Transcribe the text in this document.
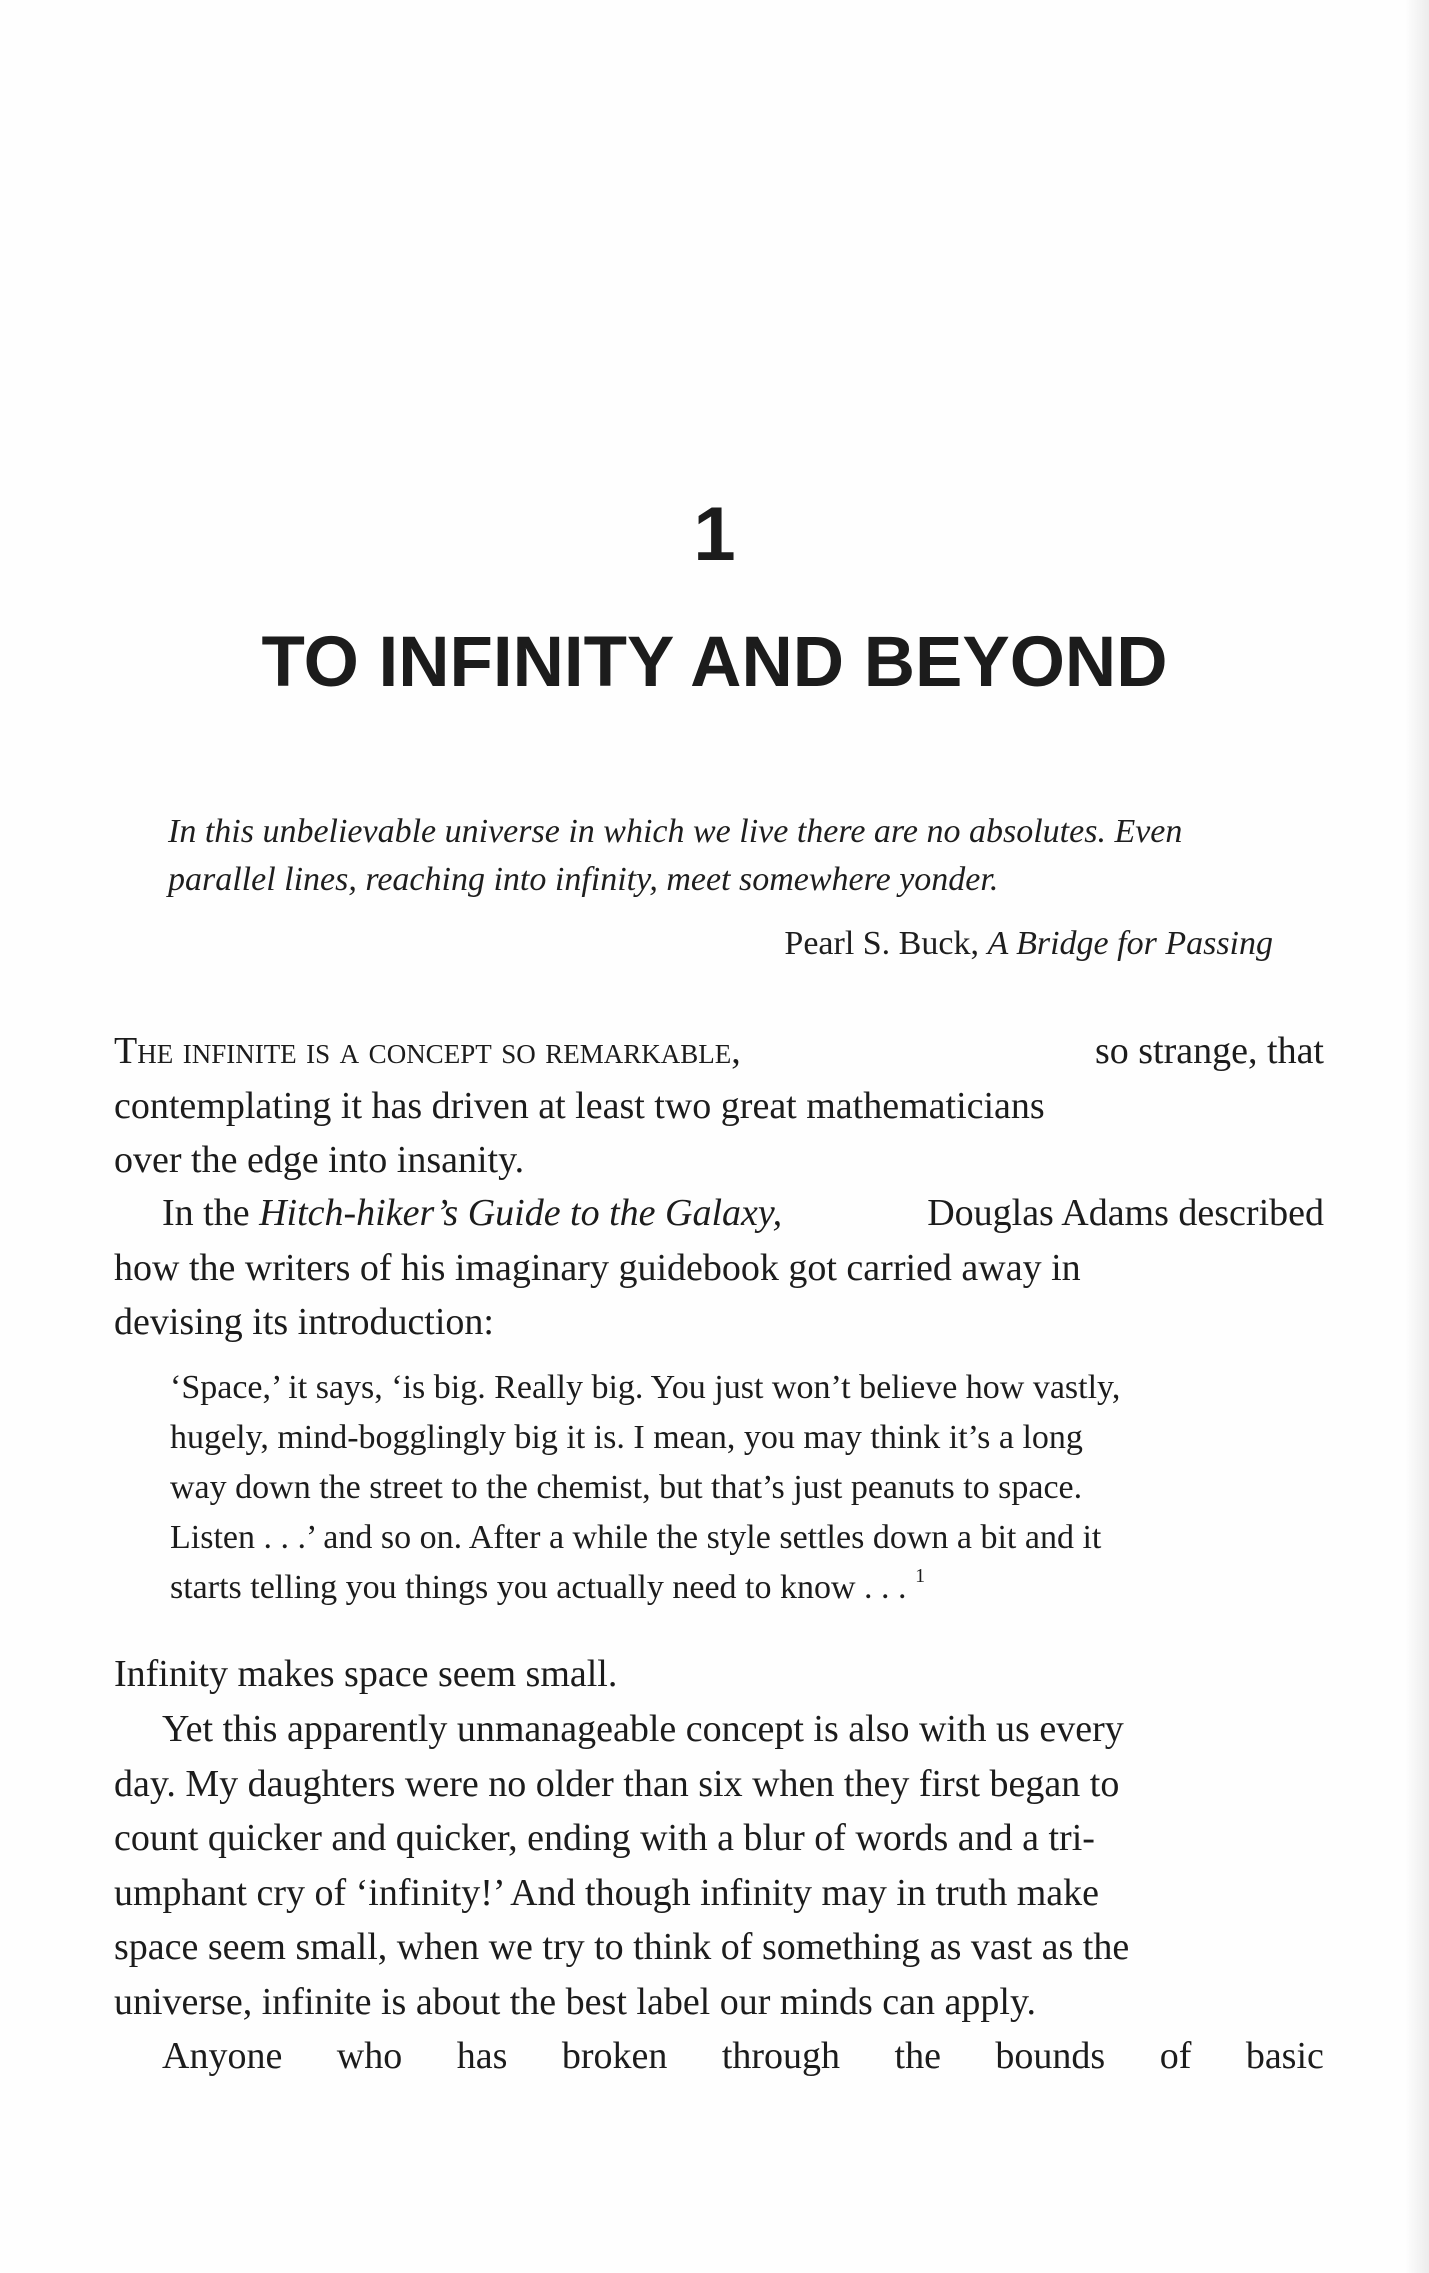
1
TO INFINITY AND BEYOND
In this unbelievable universe in which we live there are no absolutes. Even
parallel lines, reaching into infinity, meet somewhere yonder.
Pearl S. Buck, A Bridge for Passing
The infinite is a concept so remarkable,	so strange, that
contemplating it has driven at least two great mathematicians
over the edge into insanity.
In the Hitch-hiker’s Guide to the Galaxy,	Douglas Adams described
how the writers of his imaginary guidebook got carried away in
devising its introduction:
‘Space,’ it says, ‘is big. Really big. You just won’t believe how vastly,
hugely, mind-bogglingly big it is. I mean, you may think it’s a long
way down the street to the chemist, but that’s just peanuts to space.
Listen . . .’ and so on. After a while the style settles down a bit and it
starts telling you things you actually need to know . . . $^1$
Infinity makes space seem small.
Yet this apparently unmanageable concept is also with us every
day. My daughters were no older than six when they first began to
count quicker and quicker, ending with a blur of words and a tri-
umphant cry of ‘infinity!’ And though infinity may in truth make
space seem small, when we try to think of something as vast as the
universe, infinite is about the best label our minds can apply.
Anyone who has broken through the bounds of basic
